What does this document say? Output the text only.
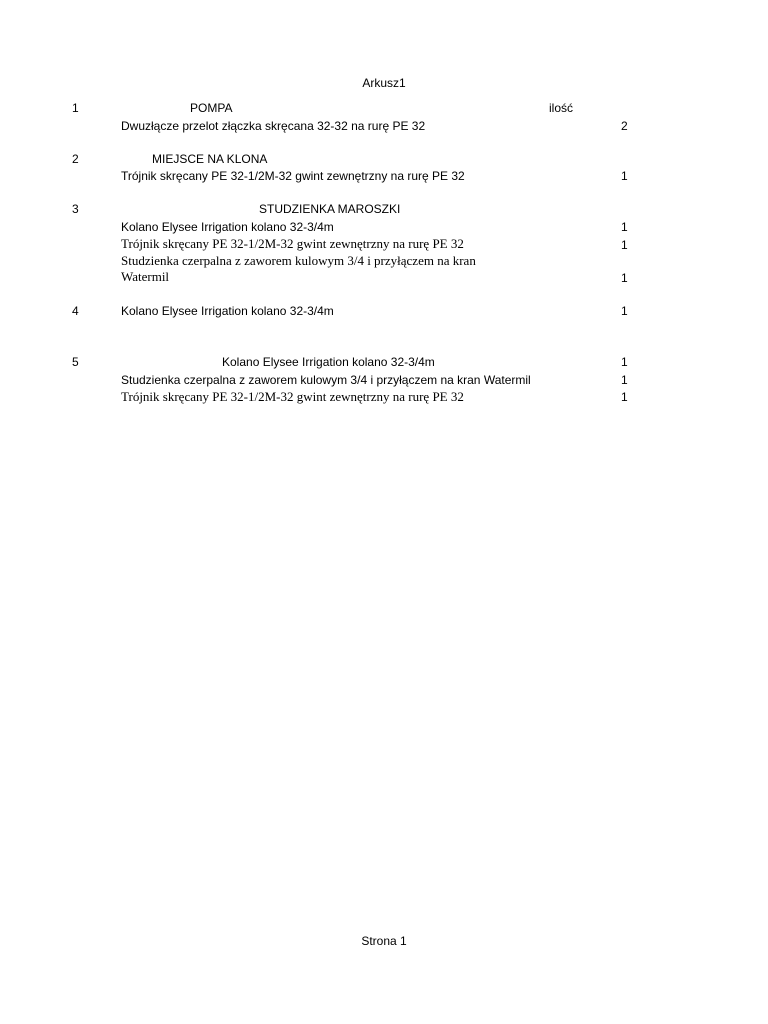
Arkusz1
1	POMPA	ilość
Dwuzłącze przelot złączka skręcana 32-32 na rurę PE 32	2
2	MIEJSCE NA KLONA
Trójnik skręcany PE 32-1/2M-32 gwint zewnętrzny na rurę PE 32	1
3	STUDZIENKA MAROSZKI
Kolano Elysee Irrigation kolano 32-3/4m	1
Trójnik skręcany PE 32-1/2M-32 gwint zewnętrzny na rurę PE 32	1
Studzienka czerpalna z zaworem kulowym 3/4 i przyłączem na kran
Watermil	1
4	Kolano Elysee Irrigation kolano 32-3/4m	1
5	Kolano Elysee Irrigation kolano 32-3/4m	1
Studzienka czerpalna z zaworem kulowym 3/4 i przyłączem na kran Watermil	1
Trójnik skręcany PE 32-1/2M-32 gwint zewnętrzny na rurę PE 32	1
Strona 1
